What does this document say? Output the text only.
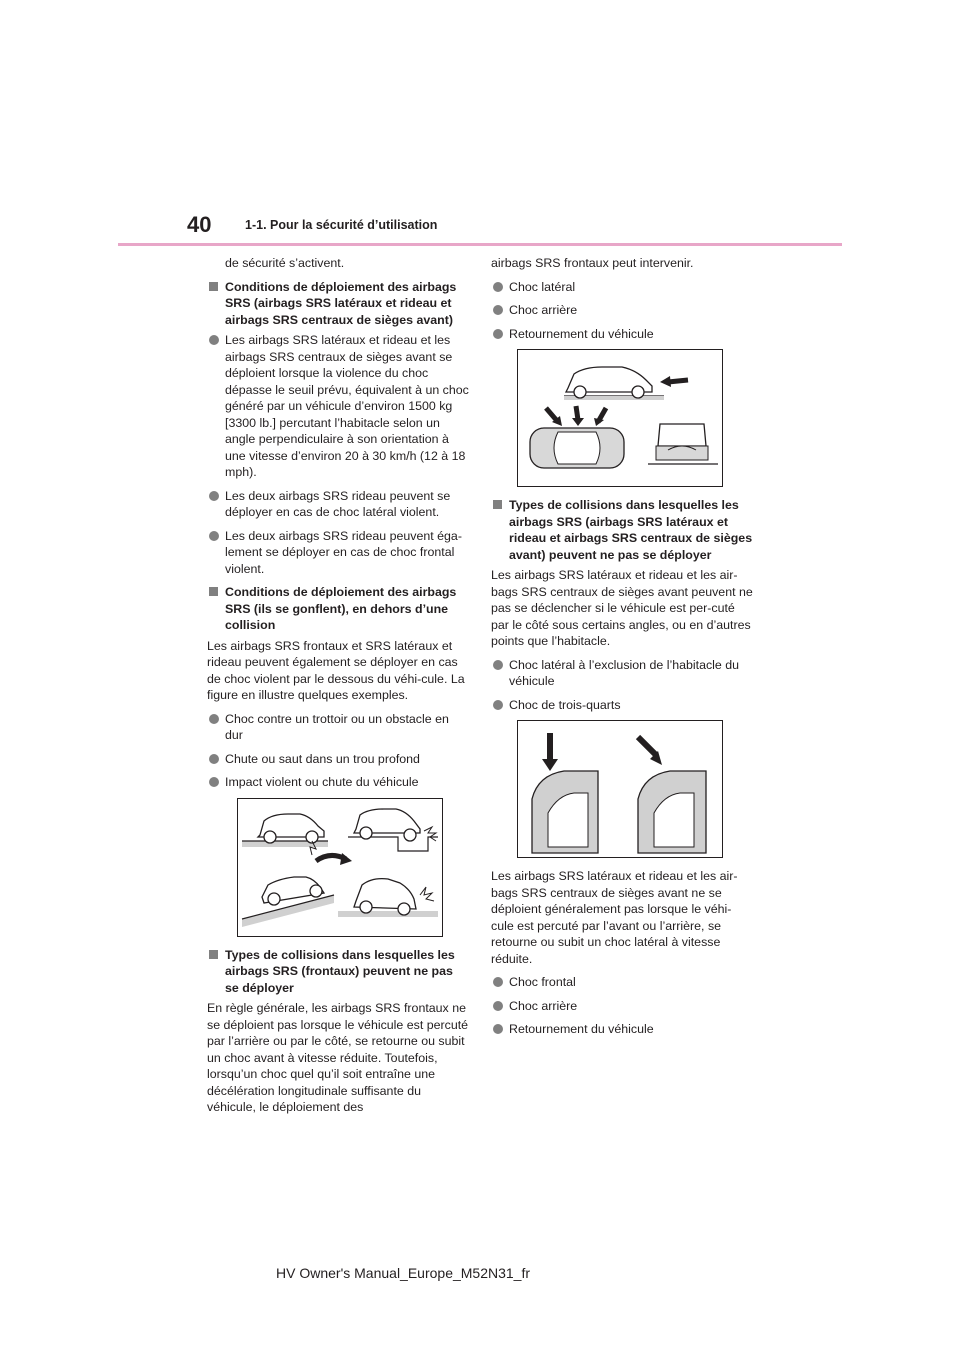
40	1-1. Pour la sécurité d’utilisation

de sécurité s’activent.

Conditions de déploiement des airbags SRS (airbags SRS latéraux et rideau et airbags SRS centraux de sièges avant)

Les airbags SRS latéraux et rideau et les airbags SRS centraux de sièges avant se déploient lorsque la violence du choc dépasse le seuil prévu, équivalent à un choc généré par un véhicule d’environ 1500 kg [3300 lb.] percutant l’habitacle selon un angle perpendiculaire à son orientation à une vitesse d’environ 20 à 30 km/h (12 à 18 mph).

Les deux airbags SRS rideau peuvent se déployer en cas de choc latéral violent.

Les deux airbags SRS rideau peuvent éga-lement se déployer en cas de choc frontal violent.

Conditions de déploiement des airbags SRS (ils se gonflent), en dehors d’une collision

Les airbags SRS frontaux et SRS latéraux et rideau peuvent également se déployer en cas de choc violent par le dessous du véhi-cule. La figure en illustre quelques exemples.

Choc contre un trottoir ou un obstacle en dur

Chute ou saut dans un trou profond

Impact violent ou chute du véhicule

Types de collisions dans lesquelles les airbags SRS (frontaux) peuvent ne pas se déployer

En règle générale, les airbags SRS frontaux ne se déploient pas lorsque le véhicule est percuté par l’arrière ou par le côté, se retourne ou subit un choc avant à vitesse réduite. Toutefois, lorsqu’un choc quel qu’il soit entraîne une décélération longitudinale suffisante du véhicule, le déploiement des

airbags SRS frontaux peut intervenir.

Choc latéral

Choc arrière

Retournement du véhicule

Types de collisions dans lesquelles les airbags SRS (airbags SRS latéraux et rideau et airbags SRS centraux de sièges avant) peuvent ne pas se déployer

Les airbags SRS latéraux et rideau et les air-bags SRS centraux de sièges avant peuvent ne pas se déclencher si le véhicule est per-cuté par le côté sous certains angles, ou en d’autres points que l’habitacle.

Choc latéral à l’exclusion de l’habitacle du véhicule

Choc de trois-quarts

Les airbags SRS latéraux et rideau et les air-bags SRS centraux de sièges avant ne se déploient généralement pas lorsque le véhi-cule est percuté par l’avant ou l’arrière, se retourne ou subit un choc latéral à vitesse réduite.

Choc frontal

Choc arrière

Retournement du véhicule

HV Owner's Manual_Europe_M52N31_fr
